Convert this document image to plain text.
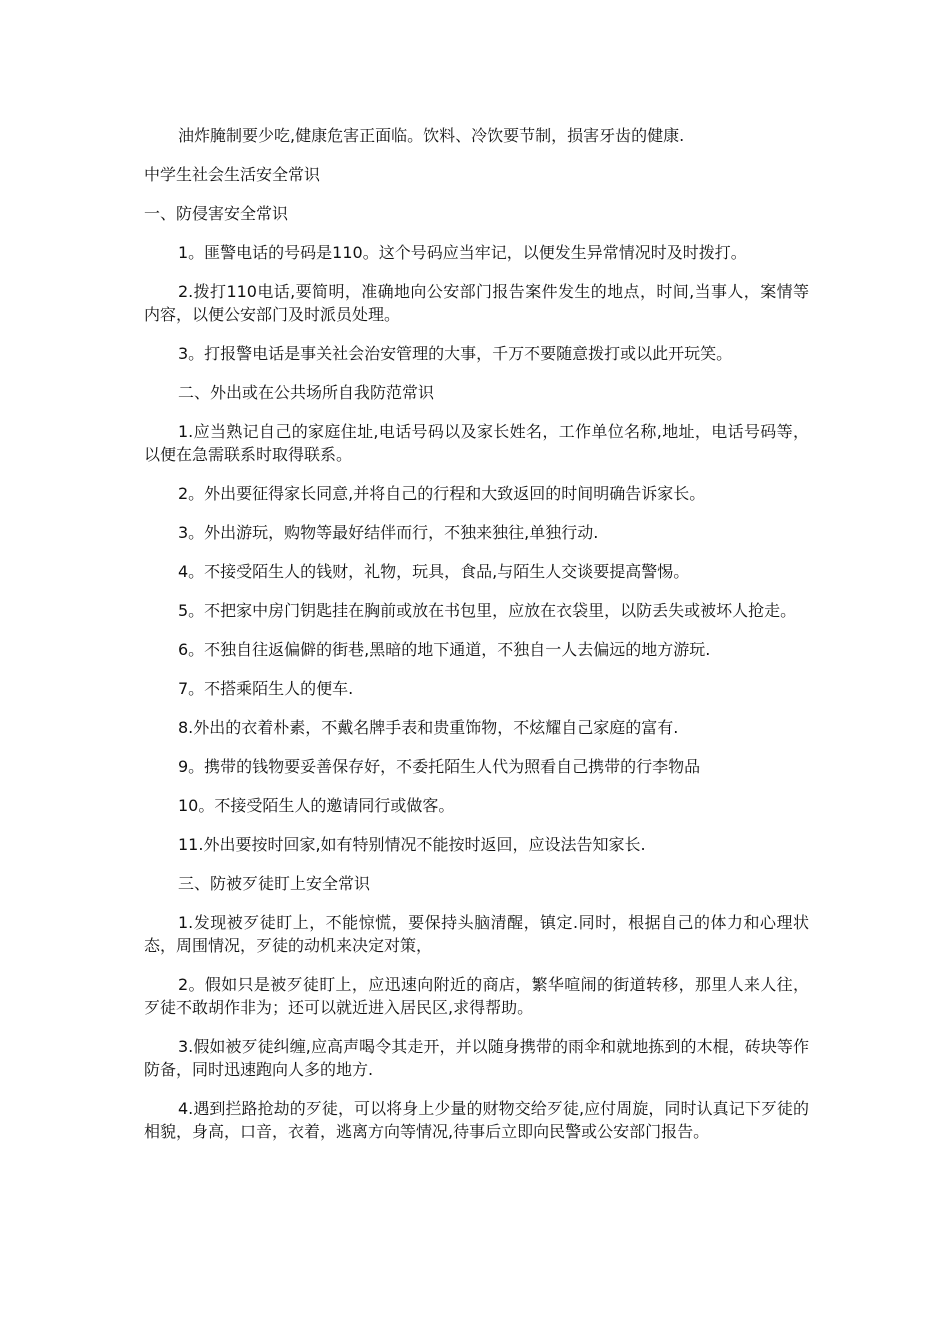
油炸腌制要少吃,健康危害正面临。饮料、冷饮要节制，损害牙齿的健康.

中学生社会生活安全常识

一、防侵害安全常识

1。匪警电话的号码是110。这个号码应当牢记，以便发生异常情况时及时拨打。

2.拨打110电话,要简明，准确地向公安部门报告案件发生的地点，时间,当事人，案情等内容，以便公安部门及时派员处理。

3。打报警电话是事关社会治安管理的大事，千万不要随意拨打或以此开玩笑。

二、外出或在公共场所自我防范常识

1.应当熟记自己的家庭住址,电话号码以及家长姓名，工作单位名称,地址，电话号码等，以便在急需联系时取得联系。

2。外出要征得家长同意,并将自己的行程和大致返回的时间明确告诉家长。

3。外出游玩，购物等最好结伴而行，不独来独往,单独行动.

4。不接受陌生人的钱财，礼物，玩具，食品,与陌生人交谈要提高警惕。

5。不把家中房门钥匙挂在胸前或放在书包里，应放在衣袋里，以防丢失或被坏人抢走。

6。不独自往返偏僻的街巷,黑暗的地下通道，不独自一人去偏远的地方游玩.

7。不搭乘陌生人的便车.

8.外出的衣着朴素，不戴名牌手表和贵重饰物，不炫耀自己家庭的富有.

9。携带的钱物要妥善保存好，不委托陌生人代为照看自己携带的行李物品

10。不接受陌生人的邀请同行或做客。

11.外出要按时回家,如有特别情况不能按时返回，应设法告知家长.

三、防被歹徒盯上安全常识

1.发现被歹徒盯上，不能惊慌，要保持头脑清醒，镇定.同时，根据自己的体力和心理状态，周围情况，歹徒的动机来决定对策，

2。假如只是被歹徒盯上，应迅速向附近的商店，繁华喧闹的街道转移，那里人来人往，歹徒不敢胡作非为；还可以就近进入居民区,求得帮助。

3.假如被歹徒纠缠,应高声喝令其走开，并以随身携带的雨伞和就地拣到的木棍，砖块等作防备，同时迅速跑向人多的地方.

4.遇到拦路抢劫的歹徒，可以将身上少量的财物交给歹徒,应付周旋，同时认真记下歹徒的相貌，身高，口音，衣着，逃离方向等情况,待事后立即向民警或公安部门报告。
